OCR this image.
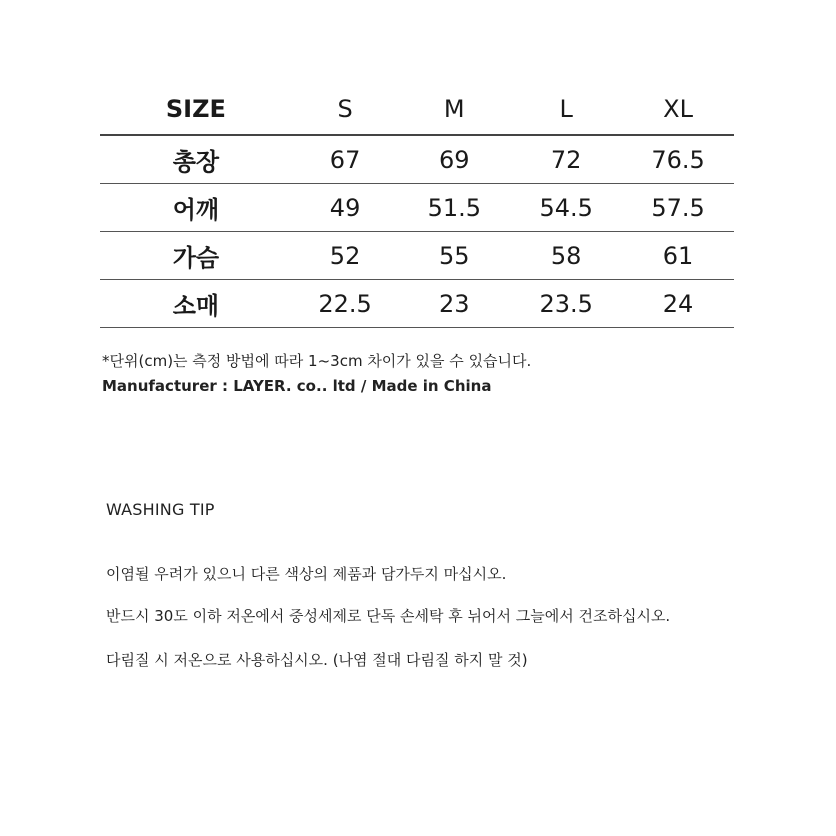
SIZE	S	M	L	XL
총장	67	69	72	76.5
어깨	49	51.5	54.5	57.5
가슴	52	55	58	61
소매	22.5	23	23.5	24
*단위(cm)는 측정 방법에 따라 1~3cm 차이가 있을 수 있습니다.
Manufacturer : LAYER. co.. ltd / Made in China
WASHING TIP
이염될 우려가 있으니 다른 색상의 제품과 담가두지 마십시오.
반드시 30도 이하 저온에서 중성세제로 단독 손세탁 후 뉘어서 그늘에서 건조하십시오.
다림질 시 저온으로 사용하십시오. (나염 절대 다림질 하지 말 것)
